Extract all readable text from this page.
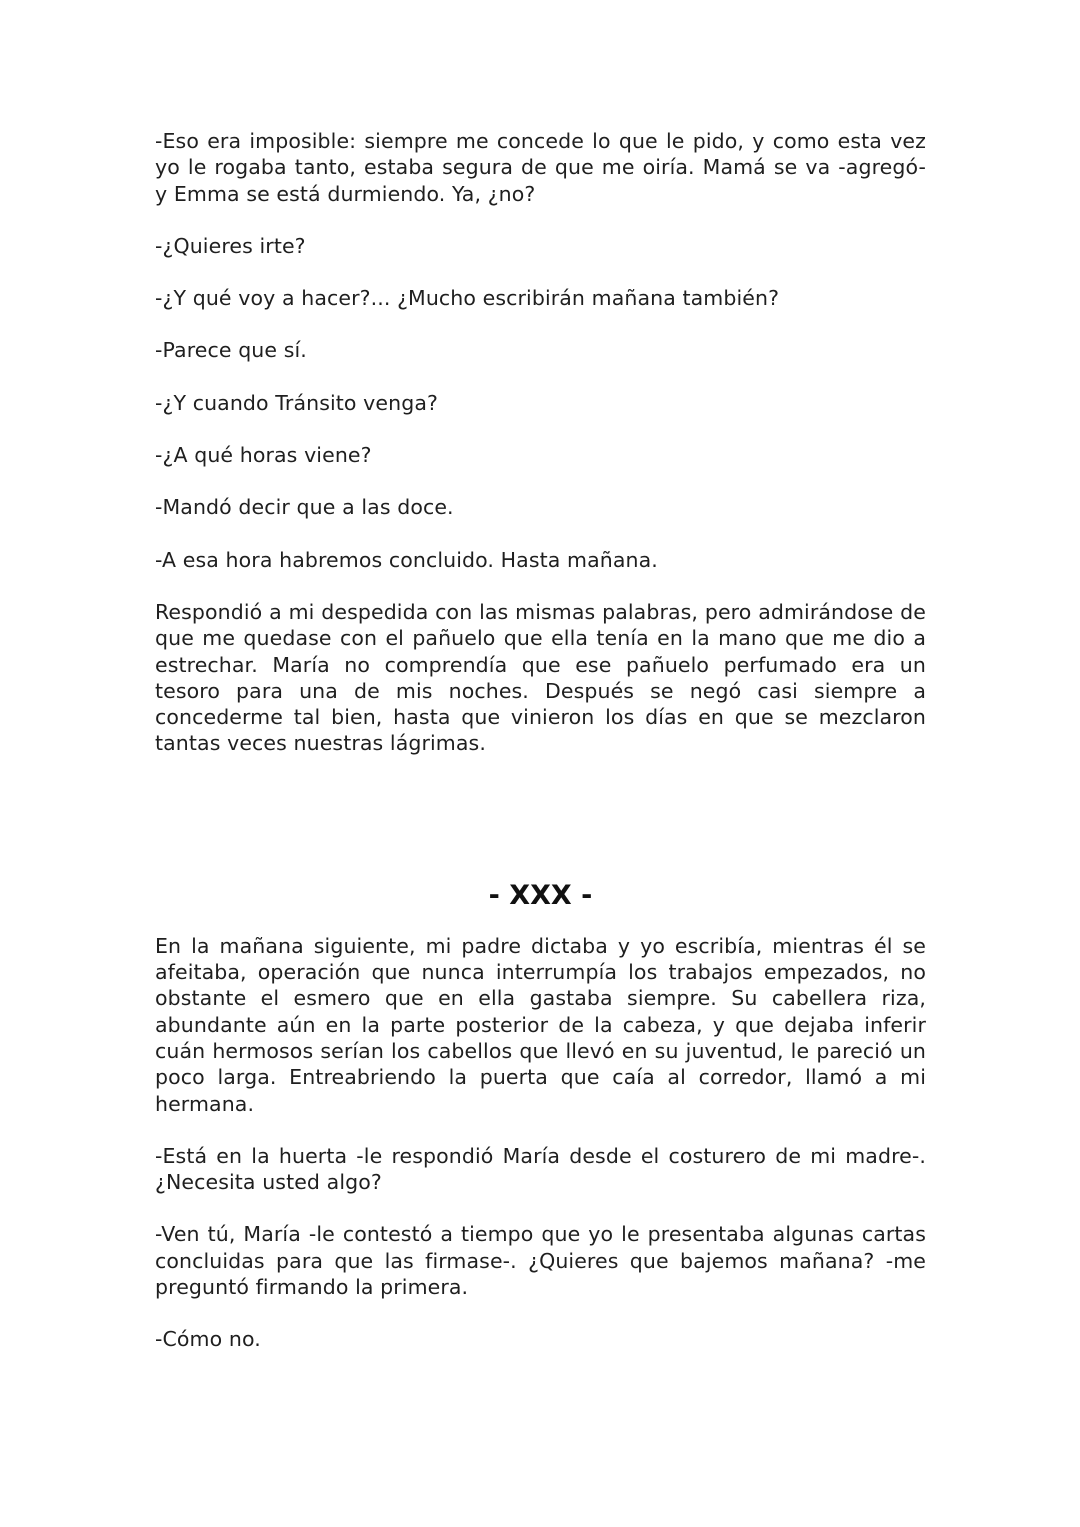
-Eso era imposible: siempre me concede lo que le pido, y como esta vez yo le rogaba tanto, estaba segura de que me oiría. Mamá se va -agregó- y Emma se está durmiendo. Ya, ¿no?

-¿Quieres irte?

-¿Y qué voy a hacer?... ¿Mucho escribirán mañana también?

-Parece que sí.

-¿Y cuando Tránsito venga?

-¿A qué horas viene?

-Mandó decir que a las doce.

-A esa hora habremos concluido. Hasta mañana.

Respondió a mi despedida con las mismas palabras, pero admirándose de que me quedase con el pañuelo que ella tenía en la mano que me dio a estrechar. María no comprendía que ese pañuelo perfumado era un tesoro para una de mis noches. Después se negó casi siempre a concederme tal bien, hasta que vinieron los días en que se mezclaron tantas veces nuestras lágrimas.

- XXX -

En la mañana siguiente, mi padre dictaba y yo escribía, mientras él se afeitaba, operación que nunca interrumpía los trabajos empezados, no obstante el esmero que en ella gastaba siempre. Su cabellera riza, abundante aún en la parte posterior de la cabeza, y que dejaba inferir cuán hermosos serían los cabellos que llevó en su juventud, le pareció un poco larga. Entreabriendo la puerta que caía al corredor, llamó a mi hermana.

-Está en la huerta -le respondió María desde el costurero de mi madre-. ¿Necesita usted algo?

-Ven tú, María -le contestó a tiempo que yo le presentaba algunas cartas concluidas para que las firmase-. ¿Quieres que bajemos mañana? -me preguntó firmando la primera.

-Cómo no.
